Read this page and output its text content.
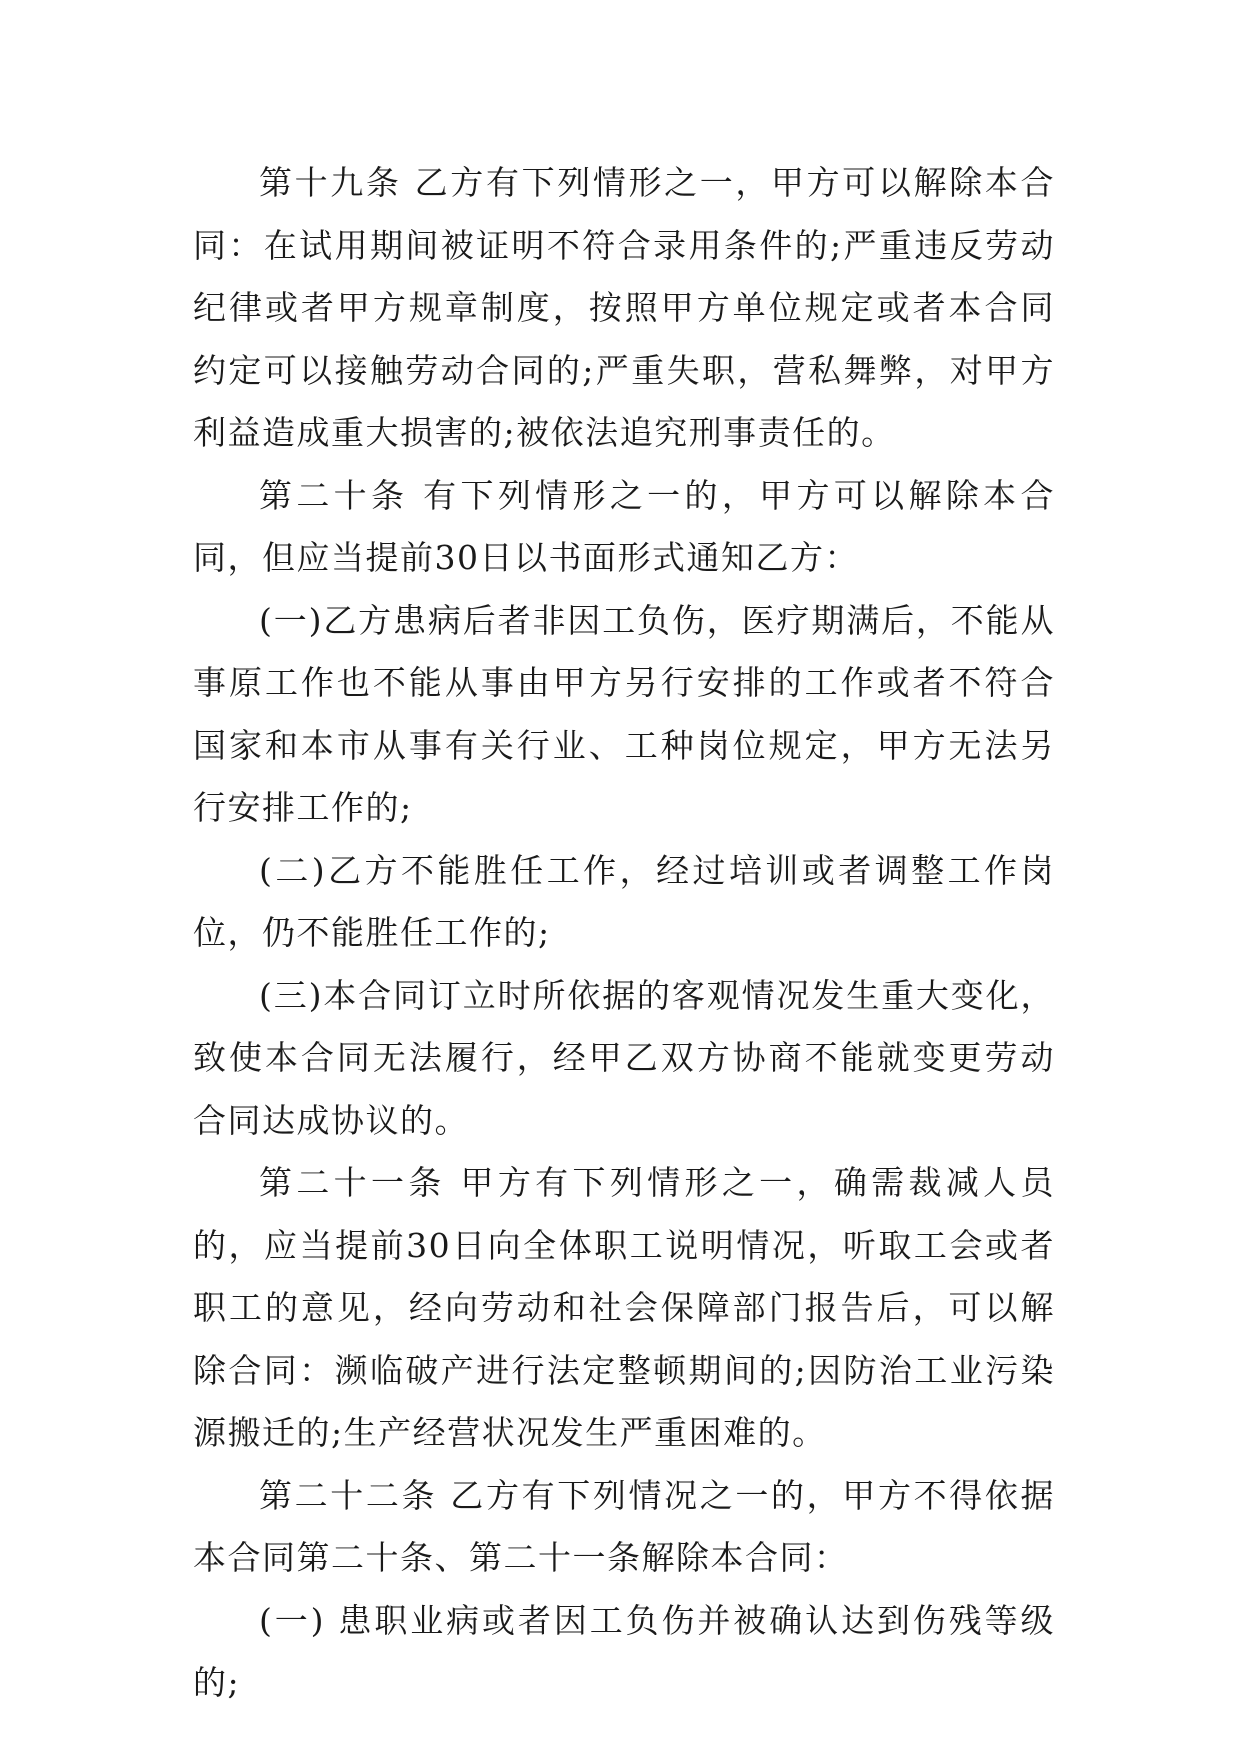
第十九条 乙方有下列情形之一，甲方可以解除本合同：在试用期间被证明不符合录用条件的;严重违反劳动纪律或者甲方规章制度，按照甲方单位规定或者本合同约定可以接触劳动合同的;严重失职，营私舞弊，对甲方利益造成重大损害的;被依法追究刑事责任的。

第二十条 有下列情形之一的，甲方可以解除本合同，但应当提前30日以书面形式通知乙方：

(一)乙方患病后者非因工负伤，医疗期满后，不能从事原工作也不能从事由甲方另行安排的工作或者不符合国家和本市从事有关行业、工种岗位规定，甲方无法另行安排工作的;

(二)乙方不能胜任工作，经过培训或者调整工作岗位，仍不能胜任工作的;

(三)本合同订立时所依据的客观情况发生重大变化，致使本合同无法履行，经甲乙双方协商不能就变更劳动合同达成协议的。

第二十一条 甲方有下列情形之一，确需裁减人员的，应当提前30日向全体职工说明情况，听取工会或者职工的意见，经向劳动和社会保障部门报告后，可以解除合同：濒临破产进行法定整顿期间的;因防治工业污染源搬迁的;生产经营状况发生严重困难的。

第二十二条 乙方有下列情况之一的，甲方不得依据本合同第二十条、第二十一条解除本合同：

(一) 患职业病或者因工负伤并被确认达到伤残等级的;
